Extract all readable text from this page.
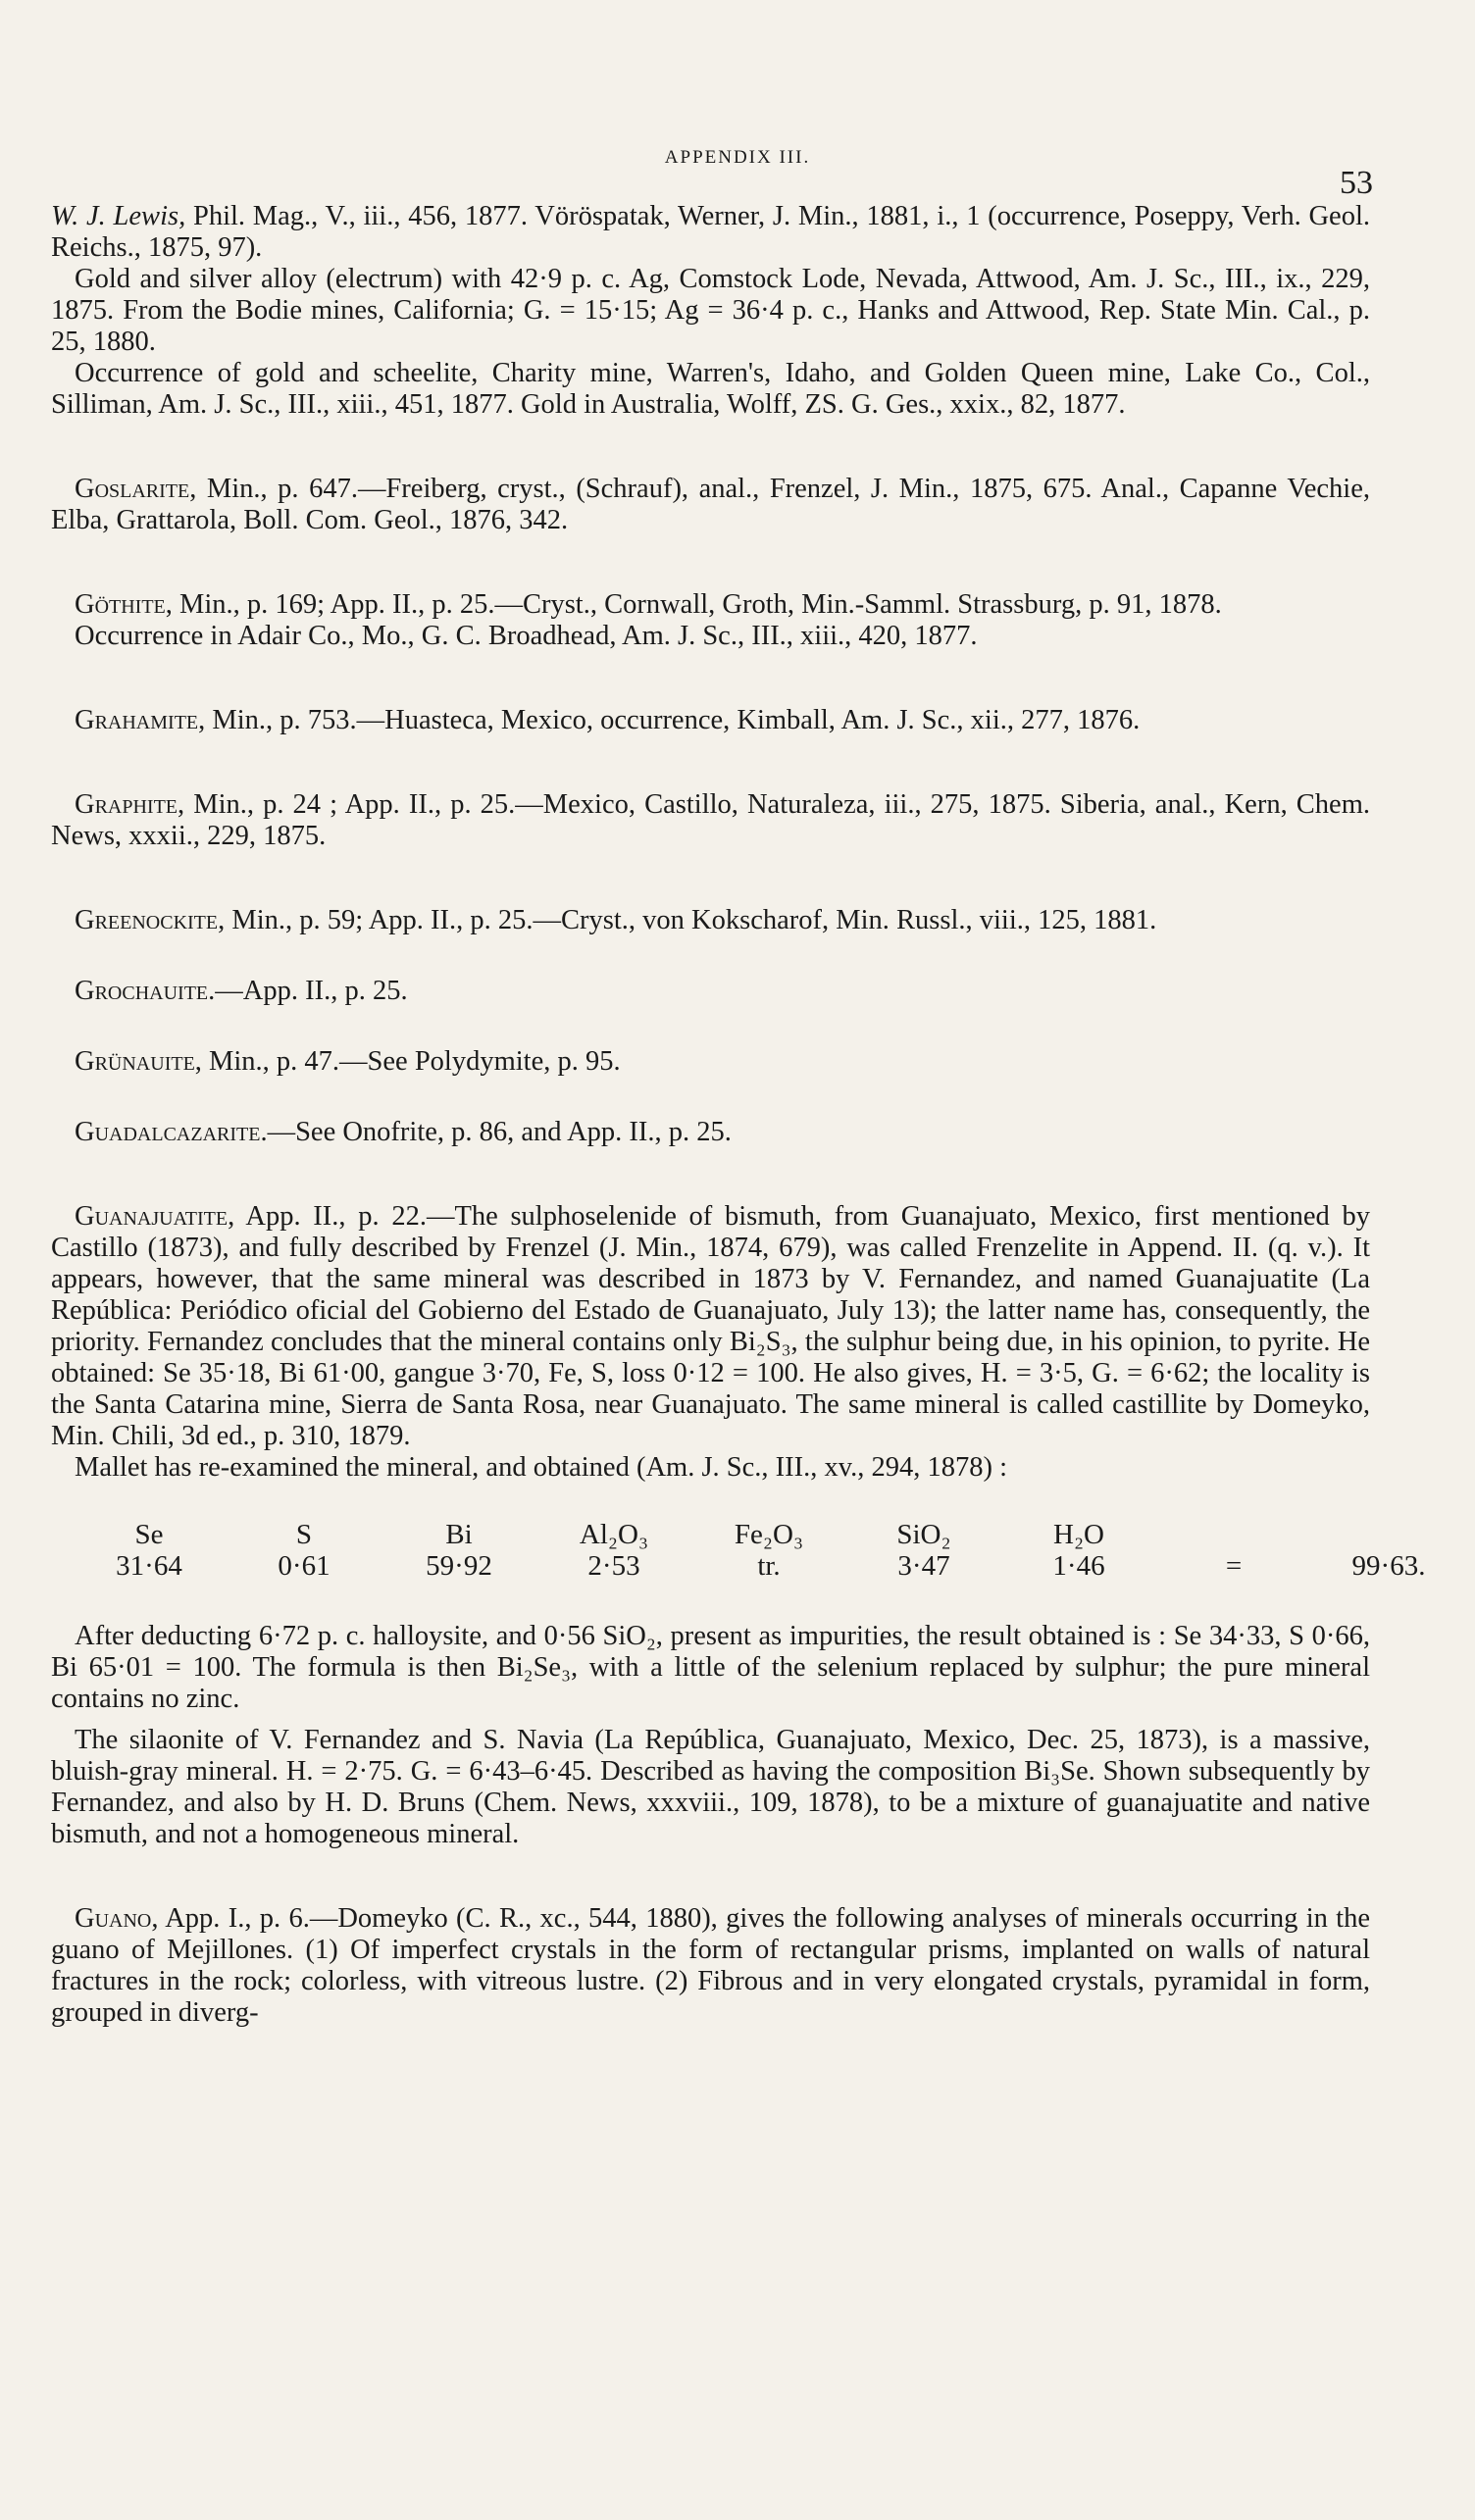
APPENDIX III.
53

W. J. Lewis, Phil. Mag., V., iii., 456, 1877. Vöröspatak, Werner, J. Min., 1881, i., 1 (occurrence, Poseppy, Verh. Geol. Reichs., 1875, 97).

Gold and silver alloy (electrum) with 42·9 p. c. Ag, Comstock Lode, Nevada, Attwood, Am. J. Sc., III., ix., 229, 1875. From the Bodie mines, California; G. = 15·15; Ag = 36·4 p. c., Hanks and Attwood, Rep. State Min. Cal., p. 25, 1880.

Occurrence of gold and scheelite, Charity mine, Warren's, Idaho, and Golden Queen mine, Lake Co., Col., Silliman, Am. J. Sc., III., xiii., 451, 1877. Gold in Australia, Wolff, ZS. G. Ges., xxix., 82, 1877.

Goslarite, Min., p. 647.—Freiberg, cryst., (Schrauf), anal., Frenzel, J. Min., 1875, 675. Anal., Capanne Vechie, Elba, Grattarola, Boll. Com. Geol., 1876, 342.

Göthite, Min., p. 169; App. II., p. 25.—Cryst., Cornwall, Groth, Min.-Samml. Strassburg, p. 91, 1878.

Occurrence in Adair Co., Mo., G. C. Broadhead, Am. J. Sc., III., xiii., 420, 1877.

Grahamite, Min., p. 753.—Huasteca, Mexico, occurrence, Kimball, Am. J. Sc., xii., 277, 1876.

Graphite, Min., p. 24 ; App. II., p. 25.—Mexico, Castillo, Naturaleza, iii., 275, 1875. Siberia, anal., Kern, Chem. News, xxxii., 229, 1875.

Greenockite, Min., p. 59; App. II., p. 25.—Cryst., von Kokscharof, Min. Russl., viii., 125, 1881.

Grochauite.—App. II., p. 25.

Grünauite, Min., p. 47.—See Polydymite, p. 95.

Guadalcazarite.—See Onofrite, p. 86, and App. II., p. 25.

Guanajuatite, App. II., p. 22.—The sulphoselenide of bismuth, from Guanajuato, Mexico, first mentioned by Castillo (1873), and fully described by Frenzel (J. Min., 1874, 679), was called Frenzelite in Append. II. (q. v.). It appears, however, that the same mineral was described in 1873 by V. Fernandez, and named Guanajuatite (La República: Periódico oficial del Gobierno del Estado de Guanajuato, July 13); the latter name has, consequently, the priority. Fernandez concludes that the mineral contains only Bi₂S₃, the sulphur being due, in his opinion, to pyrite. He obtained: Se 35·18, Bi 61·00, gangue 3·70, Fe, S, loss 0·12 = 100. He also gives, H. = 3·5, G. = 6·62; the locality is the Santa Catarina mine, Sierra de Santa Rosa, near Guanajuato. The same mineral is called castillite by Domeyko, Min. Chili, 3d ed., p. 310, 1879.

Mallet has re-examined the mineral, and obtained (Am. J. Sc., III., xv., 294, 1878) :

Se	S	Bi	Al₂O₃	Fe₂O₃	SiO₂	H₂O		
31·64	0·61	59·92	2·53	tr.	3·47	1·46	=	99·63.

After deducting 6·72 p. c. halloysite, and 0·56 SiO₂, present as impurities, the result obtained is : Se 34·33, S 0·66, Bi 65·01 = 100. The formula is then Bi₂Se₃, with a little of the selenium replaced by sulphur; the pure mineral contains no zinc.

The silaonite of V. Fernandez and S. Navia (La República, Guanajuato, Mexico, Dec. 25, 1873), is a massive, bluish-gray mineral. H. = 2·75. G. = 6·43–6·45. Described as having the composition Bi₃Se. Shown subsequently by Fernandez, and also by H. D. Bruns (Chem. News, xxxviii., 109, 1878), to be a mixture of guanajuatite and native bismuth, and not a homogeneous mineral.

Guano, App. I., p. 6.—Domeyko (C. R., xc., 544, 1880), gives the following analyses of minerals occurring in the guano of Mejillones. (1) Of imperfect crystals in the form of rectangular prisms, implanted on walls of natural fractures in the rock; colorless, with vitreous lustre. (2) Fibrous and in very elongated crystals, pyramidal in form, grouped in diverg-
